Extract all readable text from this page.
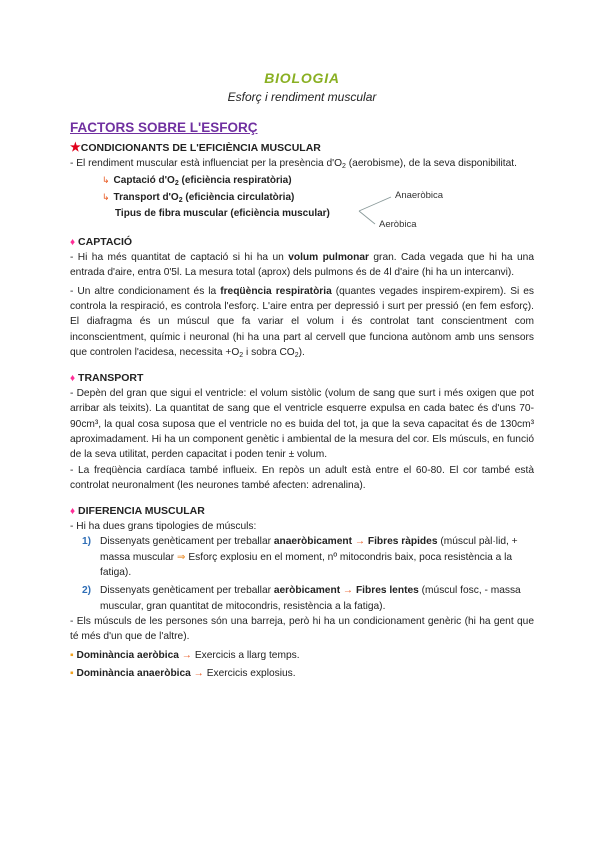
BIOLOGIA
Esforç i rendiment muscular
FACTORS SOBRE L'ESFORÇ
★CONDICIONANTS DE L'EFICIÈNCIA MUSCULAR

- El rendiment muscular està influenciat per la presència $d'O_2$ (aerobisme), de la seva disponibilitat.

↳ Captació $d'O_2$ (eficiència respiratòria)
↳ Transport $d'O_2$ (eficiència circulatòria)
Tipus de fibra muscular (eficiència muscular)
Anaeròbica
Aeròbica
♦ CAPTACIÓ

- Hi ha més quantitat de captació si hi ha un volum pulmonar gran. Cada vegada que hi ha una entrada d'aire, entra 0'5l. La mesura total (aprox) dels pulmons és de 4l d'aire (hi ha un intercanvi).

- Un altre condicionament és la freqüència respiratòria (quantes vegades inspirem-expirem). Si es controla la respiració, es controla l'esforç. L'aire entra per depressió i surt per pressió (en fem esforç). El diafragma és un múscul que fa variar el volum i és controlat tant conscientment com inconscientment, químic i neuronal (hi ha una part al cervell que funciona autònom amb uns sensors que controlen l'acidesa, necessita $+O_2$ i sobra $CO_2$).

♦ TRANSPORT

- Depèn del gran que sigui el ventricle: el volum sistòlic (volum de sang que surt i més oxigen que pot arribar als teixits). La quantitat de sang que el ventricle esquerre expulsa en cada batec és d'uns 70-90cm³, la qual cosa suposa que el ventricle no es buida del tot, ja que la seva capacitat és de 130cm³ aproximadament. Hi ha un component genètic i ambiental de la mesura del cor. Els músculs, en funció de la seva utilitat, perden capacitat i poden tenir ± volum.

- La freqüència cardíaca també influeix. En repòs un adult està entre el 60-80. El cor també està controlat neuronalment (les neurones també afecten: adrenalina).

♦ DIFERENCIA MUSCULAR

- Hi ha dues grans tipologies de músculs:

1) Dissenyats genèticament per treballar anaeròbicament → Fibres ràpides (múscul pàl·lid, + massa muscular ⇒ Esforç explosiu en el moment, nº mitocondris baix, poca resistència a la fatiga).
2) Dissenyats genèticament per treballar aeròbicament → Fibres lentes (múscul fosc, - massa muscular, gran quantitat de mitocondris, resistència a la fatiga).

- Els músculs de les persones són una barreja, però hi ha un condicionament genèric (hi ha gent que té més d'un que de l'altre).

▪ Dominància aeròbica → Exercicis a llarg temps.
▪ Dominància anaeròbica → Exercicis explosius.
